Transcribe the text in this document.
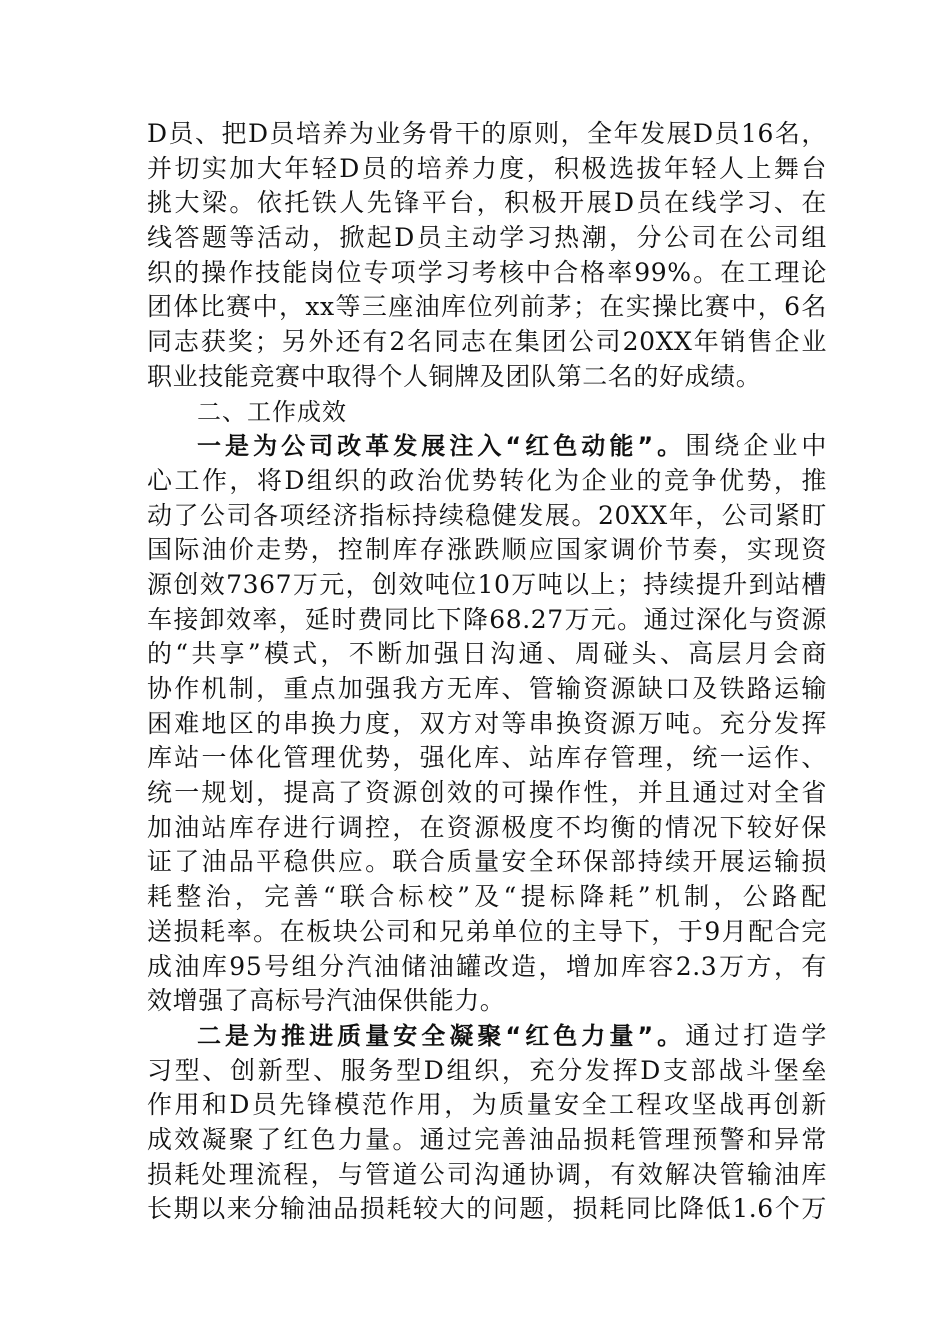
D员、把D员培养为业务骨干的原则，全年发展D员16名，
并切实加大年轻D员的培养力度，积极选拔年轻人上舞台
挑大梁。依托铁人先锋平台，积极开展D员在线学习、在
线答题等活动，掀起D员主动学习热潮，分公司在公司组
织的操作技能岗位专项学习考核中合格率99%。在工理论
团体比赛中，xx等三座油库位列前茅；在实操比赛中，6名
同志获奖；另外还有2名同志在集团公司20XX年销售企业
职业技能竞赛中取得个人铜牌及团队第二名的好成绩。
二、工作成效
一是为公司改革发展注入“红色动能”。围绕企业中
心工作，将D组织的政治优势转化为企业的竞争优势，推
动了公司各项经济指标持续稳健发展。20XX年，公司紧盯
国际油价走势，控制库存涨跌顺应国家调价节奏，实现资
源创效7367万元，创效吨位10万吨以上；持续提升到站槽
车接卸效率，延时费同比下降68.27万元。通过深化与资源
的“共享”模式，不断加强日沟通、周碰头、高层月会商
协作机制，重点加强我方无库、管输资源缺口及铁路运输
困难地区的串换力度，双方对等串换资源万吨。充分发挥
库站一体化管理优势，强化库、站库存管理，统一运作、
统一规划，提高了资源创效的可操作性，并且通过对全省
加油站库存进行调控，在资源极度不均衡的情况下较好保
证了油品平稳供应。联合质量安全环保部持续开展运输损
耗整治，完善“联合标校”及“提标降耗”机制，公路配
送损耗率。在板块公司和兄弟单位的主导下，于9月配合完
成油库95号组分汽油储油罐改造，增加库容2.3万方，有
效增强了高标号汽油保供能力。
二是为推进质量安全凝聚“红色力量”。通过打造学
习型、创新型、服务型D组织，充分发挥D支部战斗堡垒
作用和D员先锋模范作用，为质量安全工程攻坚战再创新
成效凝聚了红色力量。通过完善油品损耗管理预警和异常
损耗处理流程，与管道公司沟通协调，有效解决管输油库
长期以来分输油品损耗较大的问题，损耗同比降低1.6个万
